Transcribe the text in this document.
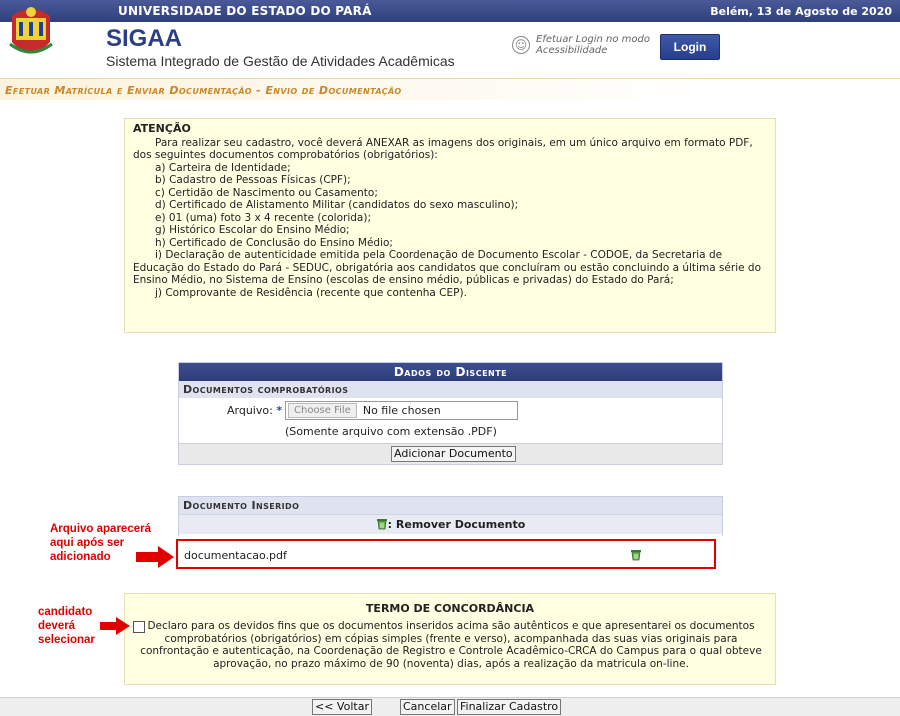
UNIVERSIDADE DO ESTADO DO PARÁ	Belém, 13 de Agosto de 2020
SIGAA
Sistema Integrado de Gestão de Atividades Acadêmicas
☺ Efetuar Login no modo
Acessibilidade	Login
Efetuar Matrícula e Enviar Documentação - Envio de Documentação
ATENÇÃO
Para realizar seu cadastro, você deverá ANEXAR as imagens dos originais, em um único arquivo em formato PDF, dos seguintes documentos comprobatórios (obrigatórios):
a) Carteira de Identidade;
b) Cadastro de Pessoas Físicas (CPF);
c) Certidão de Nascimento ou Casamento;
d) Certificado de Alistamento Militar (candidatos do sexo masculino);
e) 01 (uma) foto 3 x 4 recente (colorida);
g) Histórico Escolar do Ensino Médio;
h) Certificado de Conclusão do Ensino Médio;
i) Declaração de autenticidade emitida pela Coordenação de Documento Escolar - CODOE, da Secretaria de Educação do Estado do Pará - SEDUC, obrigatória aos candidatos que concluíram ou estão concluindo a última série do Ensino Médio, no Sistema de Ensino (escolas de ensino médio, públicas e privadas) do Estado do Pará;
j) Comprovante de Residência (recente que contenha CEP).
Dados do Discente
Documentos comprobatórios
Arquivo: *	Choose File	No file chosen
(Somente arquivo com extensão .PDF)
Adicionar Documento
Documento Inserido
: Remover Documento
documentacao.pdf
Arquivo aparecerá aqui após ser adicionado
TERMO DE CONCORDÂNCIA
Declaro para os devidos fins que os documentos inseridos acima são autênticos e que apresentarei os documentos comprobatórios (obrigatórios) em cópias simples (frente e verso), acompanhada das suas vias originais para confrontação e autenticação, na Coordenação de Registro e Controle Acadêmico-CRCA do Campus para o qual obteve aprovação, no prazo máximo de 90 (noventa) dias, após a realização da matricula on-line.
candidato deverá selecionar
<< Voltar	Cancelar Finalizar Cadastro
